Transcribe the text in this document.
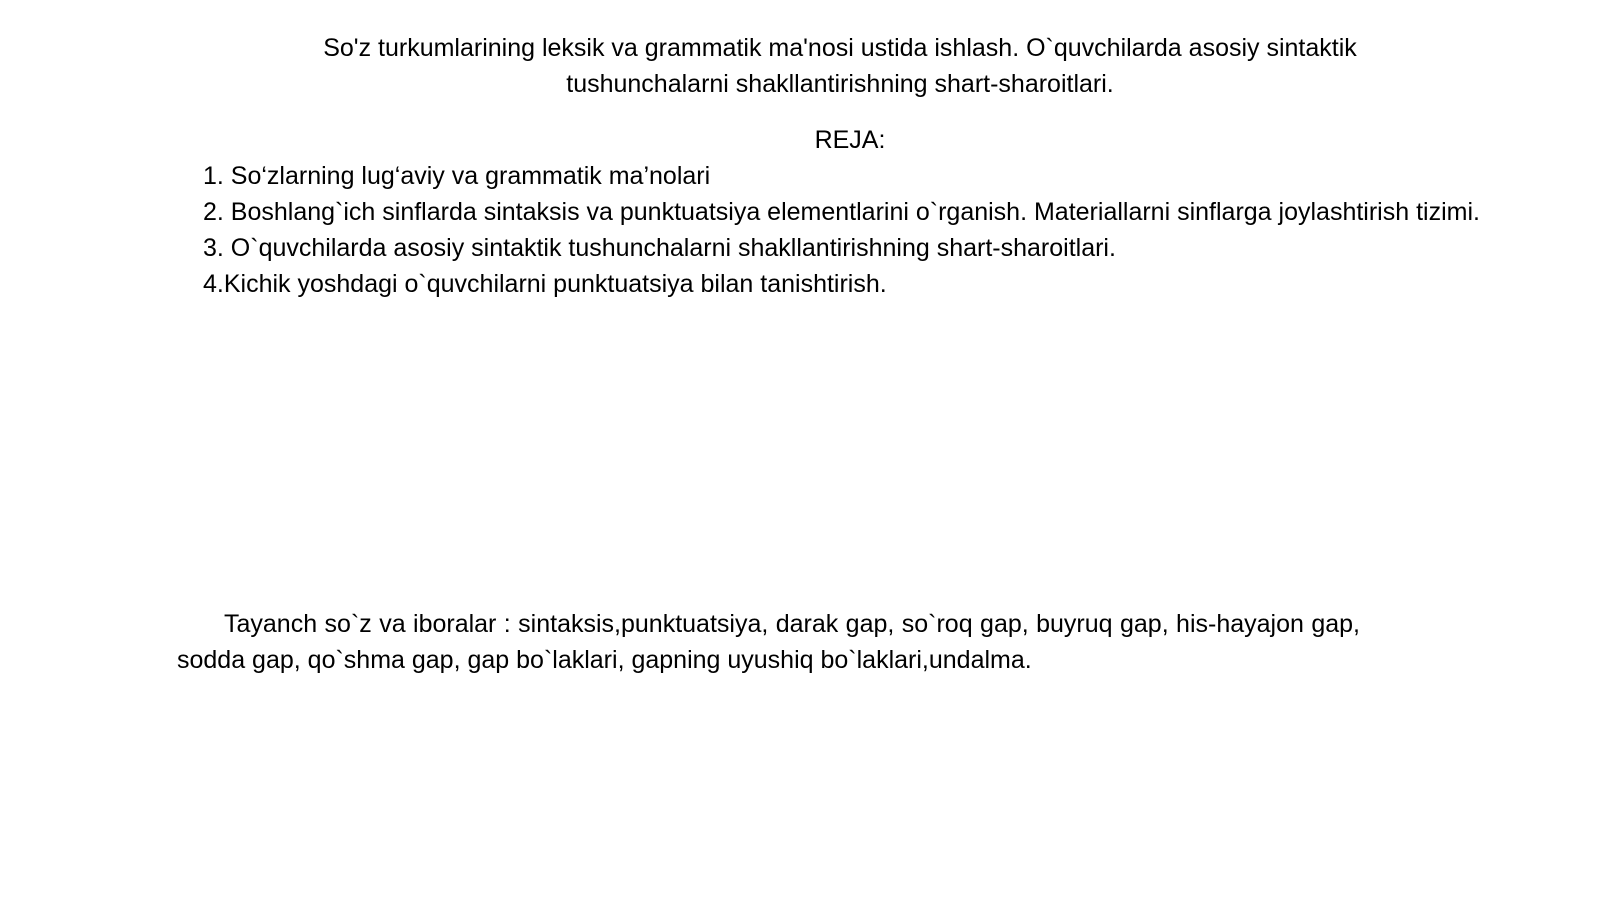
So'z turkumlarining leksik va grammatik ma'nosi ustida ishlash. O`quvchilarda asosiy sintaktik tushunchalarni shakllantirishning shart-sharoitlari.
REJA:
1. So‘zlarning lug‘aviy va grammatik ma’nolari
2. Boshlang`ich sinflarda sintaksis va punktuatsiya elementlarini o`rganish. Materiallarni sinflarga joylashtirish tizimi.
3. O`quvchilarda asosiy sintaktik tushunchalarni shakllantirishning shart-sharoitlari.
4.Kichik yoshdagi o`quvchilarni punktuatsiya bilan tanishtirish.

Tayanch so`z va iboralar : sintaksis,punktuatsiya, darak gap, so`roq gap, buyruq gap, his-hayajon gap, sodda gap, qo`shma gap, gap bo`laklari, gapning uyushiq bo`laklari,undalma.
